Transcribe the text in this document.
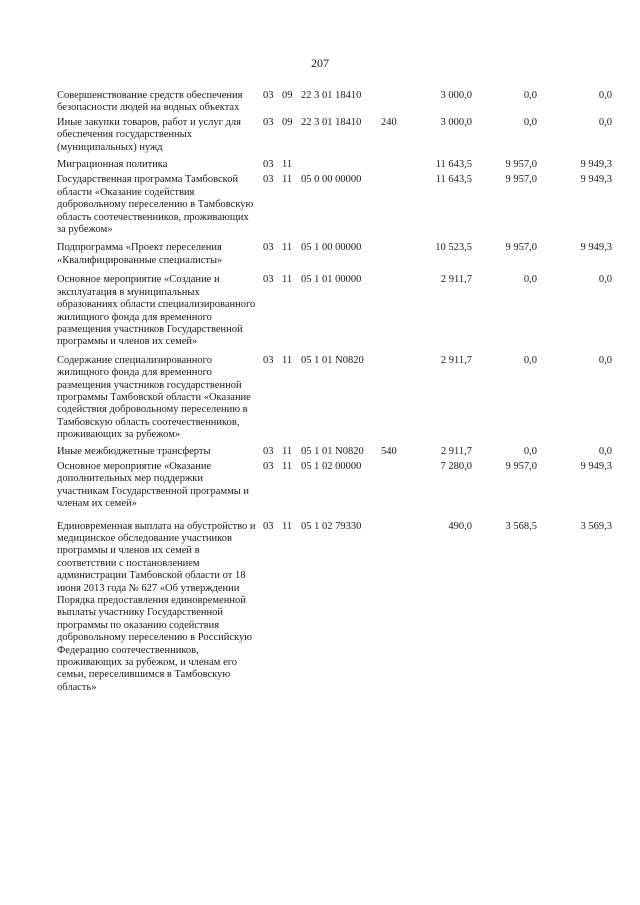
207
Совершенствование средств обеспечения безопасности людей на водных объектах
03 09 22 3 01 18410	3 000,0	0,0	0,0
Иные закупки товаров, работ и услуг для обеспечения государственных (муниципальных) нужд
03 09 22 3 01 18410 240	3 000,0	0,0	0,0
Миграционная политика	03 11	11 643,5	9 957,0	9 949,3
Государственная программа Тамбовской области «Оказание содействия добровольному переселению в Тамбовскую область соотечественников, проживающих за рубежом»
03 11 05 0 00 00000	11 643,5	9 957,0	9 949,3
Подпрограмма «Проект переселения «Квалифицированные специалисты»
03 11 05 1 00 00000	10 523,5	9 957,0	9 949,3
Основное мероприятие «Создание и эксплуатация в муниципальных образованиях области специализированного жилищного фонда для временного размещения участников Государственной программы и членов их семей»
03 11 05 1 01 00000	2 911,7	0,0	0,0
Содержание специализированного жилищного фонда для временного размещения участников государственной программы Тамбовской области «Оказание содействия добровольному переселению в Тамбовскую область соотечественников, проживающих за рубежом»
03 11 05 1 01 N0820	2 911,7	0,0	0,0
Иные межбюджетные трансферты	03 11 05 1 01 N0820 540	2 911,7	0,0	0,0
Основное мероприятие «Оказание дополнительных мер поддержки участникам Государственной программы и членам их семей»
03 11 05 1 02 00000	7 280,0	9 957,0	9 949,3
Единовременная выплата на обустройство и медицинское обследование участников программы и членов их семей в соответствии с постановлением администрации Тамбовской области от 18 июня 2013 года № 627 «Об утверждении Порядка предоставления единовременной выплаты участнику Государственной программы по оказанию содействия добровольному переселению в Российскую Федерацию соотечественников, проживающих за рубежом, и членам его семьи, переселившимся в Тамбовскую область»
03 11 05 1 02 79330	490,0	3 568,5	3 569,3
